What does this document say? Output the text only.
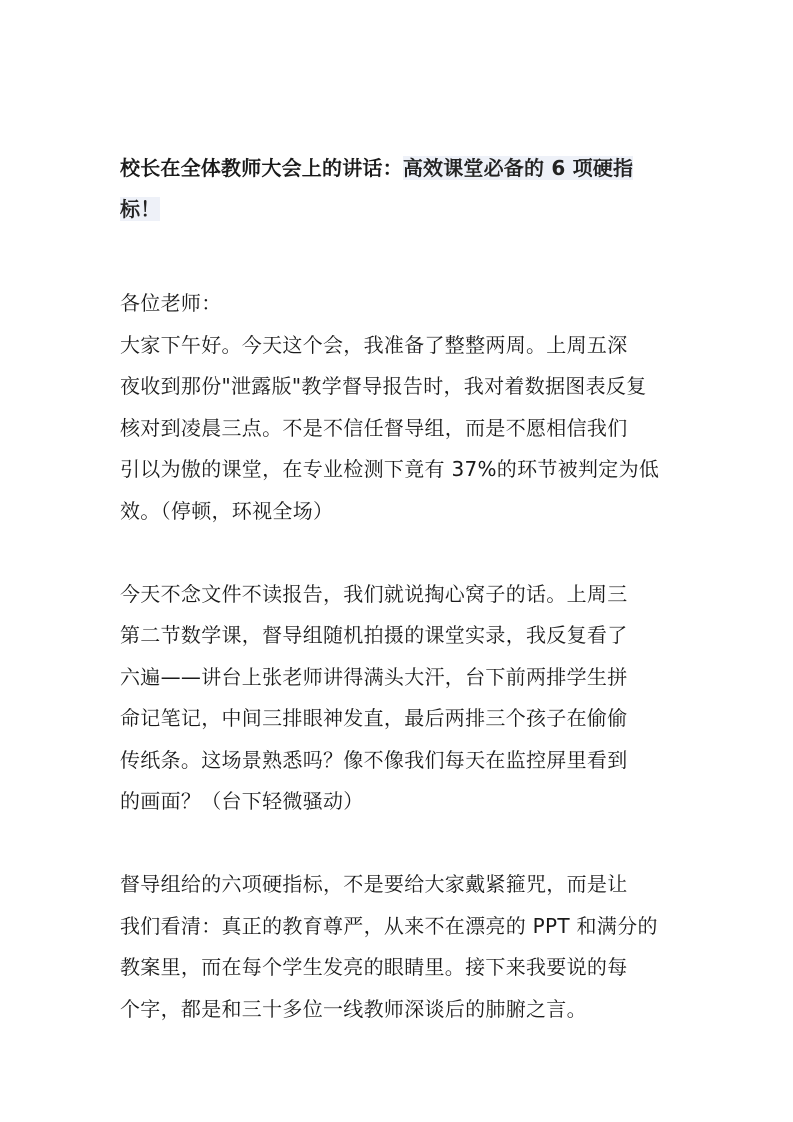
校长在全体教师大会上的讲话：高效课堂必备的 6 项硬指
标！

各位老师：

大家下午好。今天这个会，我准备了整整两周。上周五深
夜收到那份"泄露版"教学督导报告时，我对着数据图表反复
核对到凌晨三点。不是不信任督导组，而是不愿相信我们
引以为傲的课堂，在专业检测下竟有 37%的环节被判定为低
效。（停顿，环视全场）

今天不念文件不读报告，我们就说掏心窝子的话。上周三
第二节数学课，督导组随机拍摄的课堂实录，我反复看了
六遍——讲台上张老师讲得满头大汗，台下前两排学生拼
命记笔记，中间三排眼神发直，最后两排三个孩子在偷偷
传纸条。这场景熟悉吗？像不像我们每天在监控屏里看到
的画面？（台下轻微骚动）

督导组给的六项硬指标，不是要给大家戴紧箍咒，而是让
我们看清：真正的教育尊严，从来不在漂亮的 PPT 和满分的
教案里，而在每个学生发亮的眼睛里。接下来我要说的每
个字，都是和三十多位一线教师深谈后的肺腑之言。
